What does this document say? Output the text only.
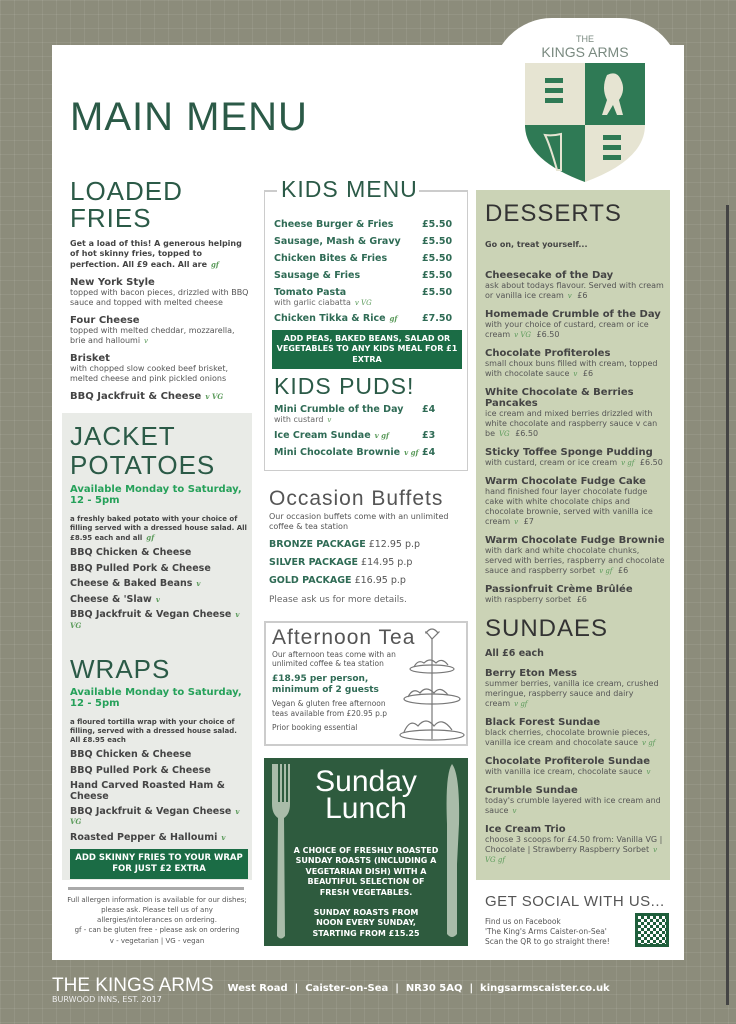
THE
KINGS ARMS
MAIN MENU
LOADED
FRIES

Get a load of this! A generous helping of hot skinny fries, topped to perfection. All £9 each. All are gf

New York Style
topped with bacon pieces, drizzled with BBQ sauce and topped with melted cheese
Four Cheese
topped with melted cheddar, mozzarella, brie and halloumi v
Brisket
with chopped slow cooked beef brisket, melted cheese and pink pickled onions
BBQ Jackfruit & Cheese v VG
JACKET
POTATOES

Available Monday to Saturday, 12 - 5pm

a freshly baked potato with your choice of filling served with a dressed house salad. All £8.95 each and all gf

BBQ Chicken & Cheese
BBQ Pulled Pork & Cheese
Cheese & Baked Beans v
Cheese & 'Slaw v
BBQ Jackfruit & Vegan Cheese v VG
WRAPS

Available Monday to Saturday, 12 - 5pm

a floured tortilla wrap with your choice of filling, served with a dressed house salad. All £8.95 each

BBQ Chicken & Cheese
BBQ Pulled Pork & Cheese
Hand Carved Roasted Ham & Cheese
BBQ Jackfruit & Vegan Cheese v VG
Roasted Pepper & Halloumi v
ADD SKINNY FRIES TO YOUR WRAP FOR JUST £2 EXTRA

Full allergen information is available for our dishes; please ask. Please tell us of any allergies/intolerances on ordering.

gf - can be gluten free - please ask on ordering

v - vegetarian | VG - vegan

KIDS MENU
Cheese Burger & Fries	£5.50
Sausage, Mash & Gravy £5.50
Chicken Bites & Fries	£5.50
Sausage & Fries	£5.50
Tomato Pasta
with garlic ciabatta v VG
£5.50
Chicken Tikka & Rice gf	£7.50
ADD PEAS, BAKED BEANS, SALAD OR VEGETABLES TO ANY KIDS MEAL FOR £1 EXTRA
KIDS PUDS!
Mini Crumble of the Day
with custard v
£4
Ice Cream Sundae v gf	£3
Mini Chocolate Brownie v gf £4
Occasion Buffets

Our occasion buffets come with an unlimited coffee & tea station

BRONZE PACKAGE £12.95 p.p
SILVER PACKAGE £14.95 p.p
GOLD PACKAGE £16.95 p.p

Please ask us for more details.

Afternoon Tea

Our afternoon teas come with an unlimited coffee & tea station

£18.95 per person, minimum of 2 guests

Vegan & gluten free afternoon teas available from £20.95 p.p

Prior booking essential

Sunday
Lunch

A CHOICE OF FRESHLY ROASTED SUNDAY ROASTS (INCLUDING A VEGETARIAN DISH) WITH A BEAUTIFUL SELECTION OF FRESH VEGETABLES.

SUNDAY ROASTS FROM NOON EVERY SUNDAY, STARTING FROM £15.25

DESSERTS

Go on, treat yourself...

Cheesecake of the Day
ask about todays flavour. Served with cream or vanilla ice cream v £6
Homemade Crumble of the Day
with your choice of custard, cream or ice cream v VG £6.50
Chocolate Profiteroles
small choux buns filled with cream, topped with chocolate sauce v £6
White Chocolate & Berries Pancakes
ice cream and mixed berries drizzled with white chocolate and raspberry sauce v can be VG £6.50
Sticky Toffee Sponge Pudding
with custard, cream or ice cream v gf £6.50
Warm Chocolate Fudge Cake
hand finished four layer chocolate fudge cake with white chocolate chips and chocolate brownie, served with vanilla ice cream v £7
Warm Chocolate Fudge Brownie
with dark and white chocolate chunks, served with berries, raspberry and chocolate sauce and raspberry sorbet v gf £6
Passionfruit Crème Brûlée
with raspberry sorbet £6
SUNDAES

All £6 each

Berry Eton Mess
summer berries, vanilla ice cream, crushed meringue, raspberry sauce and dairy cream v gf
Black Forest Sundae
black cherries, chocolate brownie pieces, vanilla ice cream and chocolate sauce v gf
Chocolate Profiterole Sundae
with vanilla ice cream, chocolate sauce v
Crumble Sundae
today's crumble layered with ice cream and sauce v
Ice Cream Trio
choose 3 scoops for £4.50 from: Vanilla VG | Chocolate | Strawberry Raspberry Sorbet v VG gf
GET SOCIAL WITH US...

Find us on Facebook

'The King's Arms Caister-on-Sea'

Scan the QR to go straight there!

THE KINGS ARMS West Road  |  Caister-on-Sea  |  NR30 5AQ  |  kingsarmscaister.co.uk
BURWOOD INNS, EST. 2017
